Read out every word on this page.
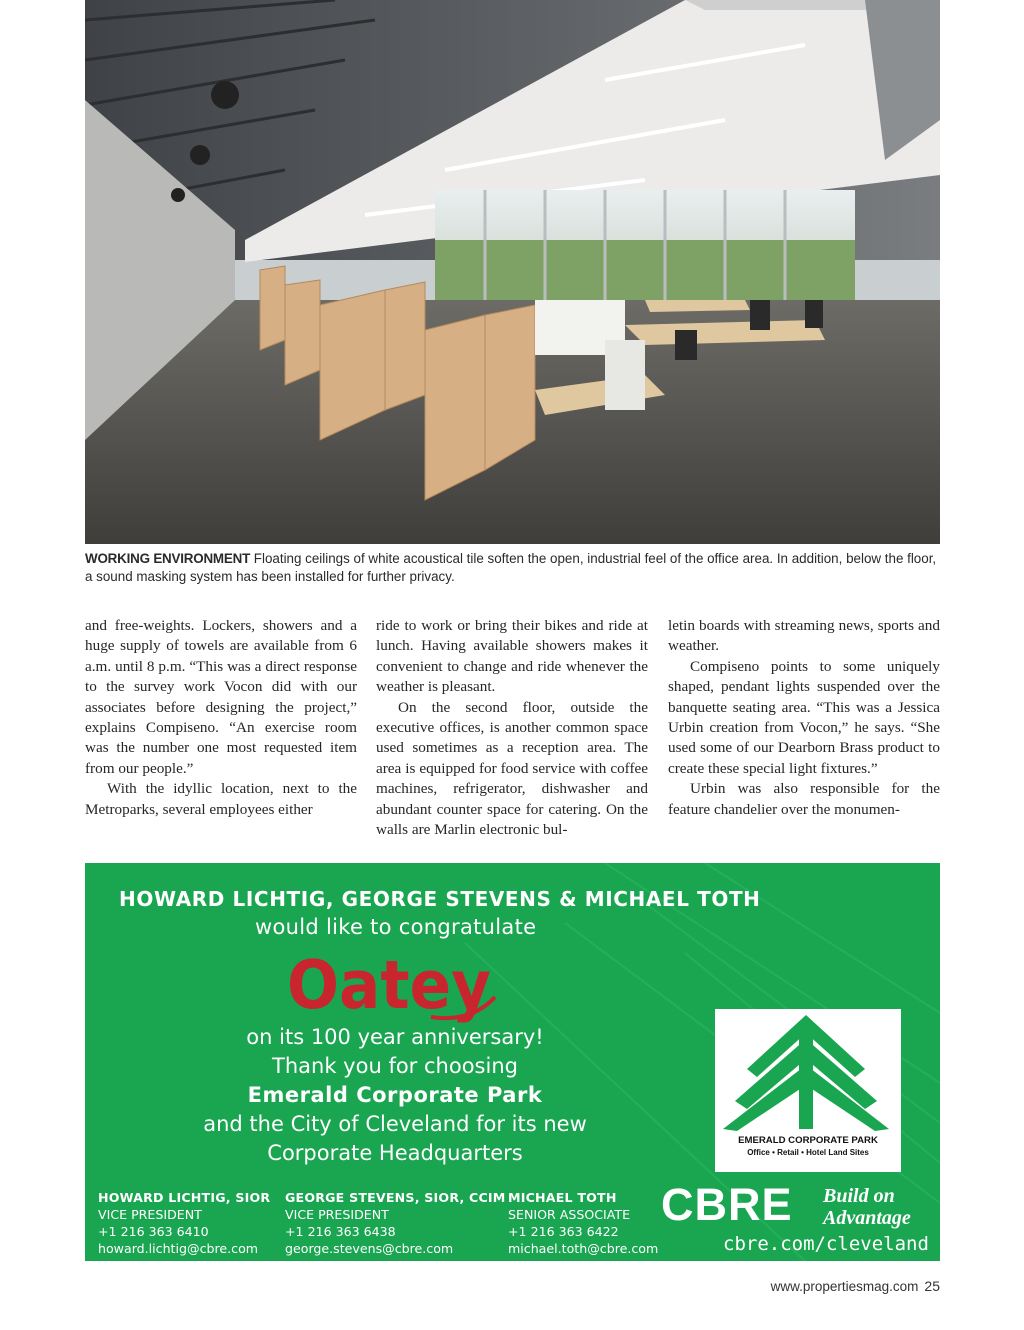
WORKING ENVIRONMENT Floating ceilings of white acoustical tile soften the open, industrial feel of the office area. In addition, below the floor, a sound masking system has been installed for further privacy.

and free-weights. Lockers, showers and a huge supply of towels are available from 6 a.m. until 8 p.m. “This was a direct response to the survey work Vocon did with our associates before designing the project,” explains Compiseno. “An exercise room was the number one most requested item from our people.”

With the idyllic location, next to the Metroparks, several employees either

ride to work or bring their bikes and ride at lunch. Having available showers makes it convenient to change and ride whenever the weather is pleasant.

On the second floor, outside the executive offices, is another common space used sometimes as a reception area. The area is equipped for food service with coffee machines, refrigerator, dishwasher and abundant counter space for catering. On the walls are Marlin electronic bul-

letin boards with streaming news, sports and weather.

Compiseno points to some uniquely shaped, pendant lights suspended over the banquette seating area. “This was a Jessica Urbin creation from Vocon,” he says. “She used some of our Dearborn Brass product to create these special light fixtures.”

Urbin was also responsible for the feature chandelier over the monumen-

HOWARD LICHTIG, GEORGE STEVENS & MICHAEL TOTH
would like to congratulate
Oatey
on its 100 year anniversary!
Thank you for choosing
Emerald Corporate Park
and the City of Cleveland for its new
Corporate Headquarters
EMERALD CORPORATE PARK
Office • Retail • Hotel Land Sites
HOWARD LICHTIG, SIOR
VICE PRESIDENT
+1 216 363 6410
howard.lichtig@cbre.com
GEORGE STEVENS, SIOR, CCIM
VICE PRESIDENT
+1 216 363 6438
george.stevens@cbre.com
MICHAEL TOTH
SENIOR ASSOCIATE
+1 216 363 6422
michael.toth@cbre.com
CBRE Build on
Advantage
cbre.com/cleveland
www.propertiesmag.com 25
